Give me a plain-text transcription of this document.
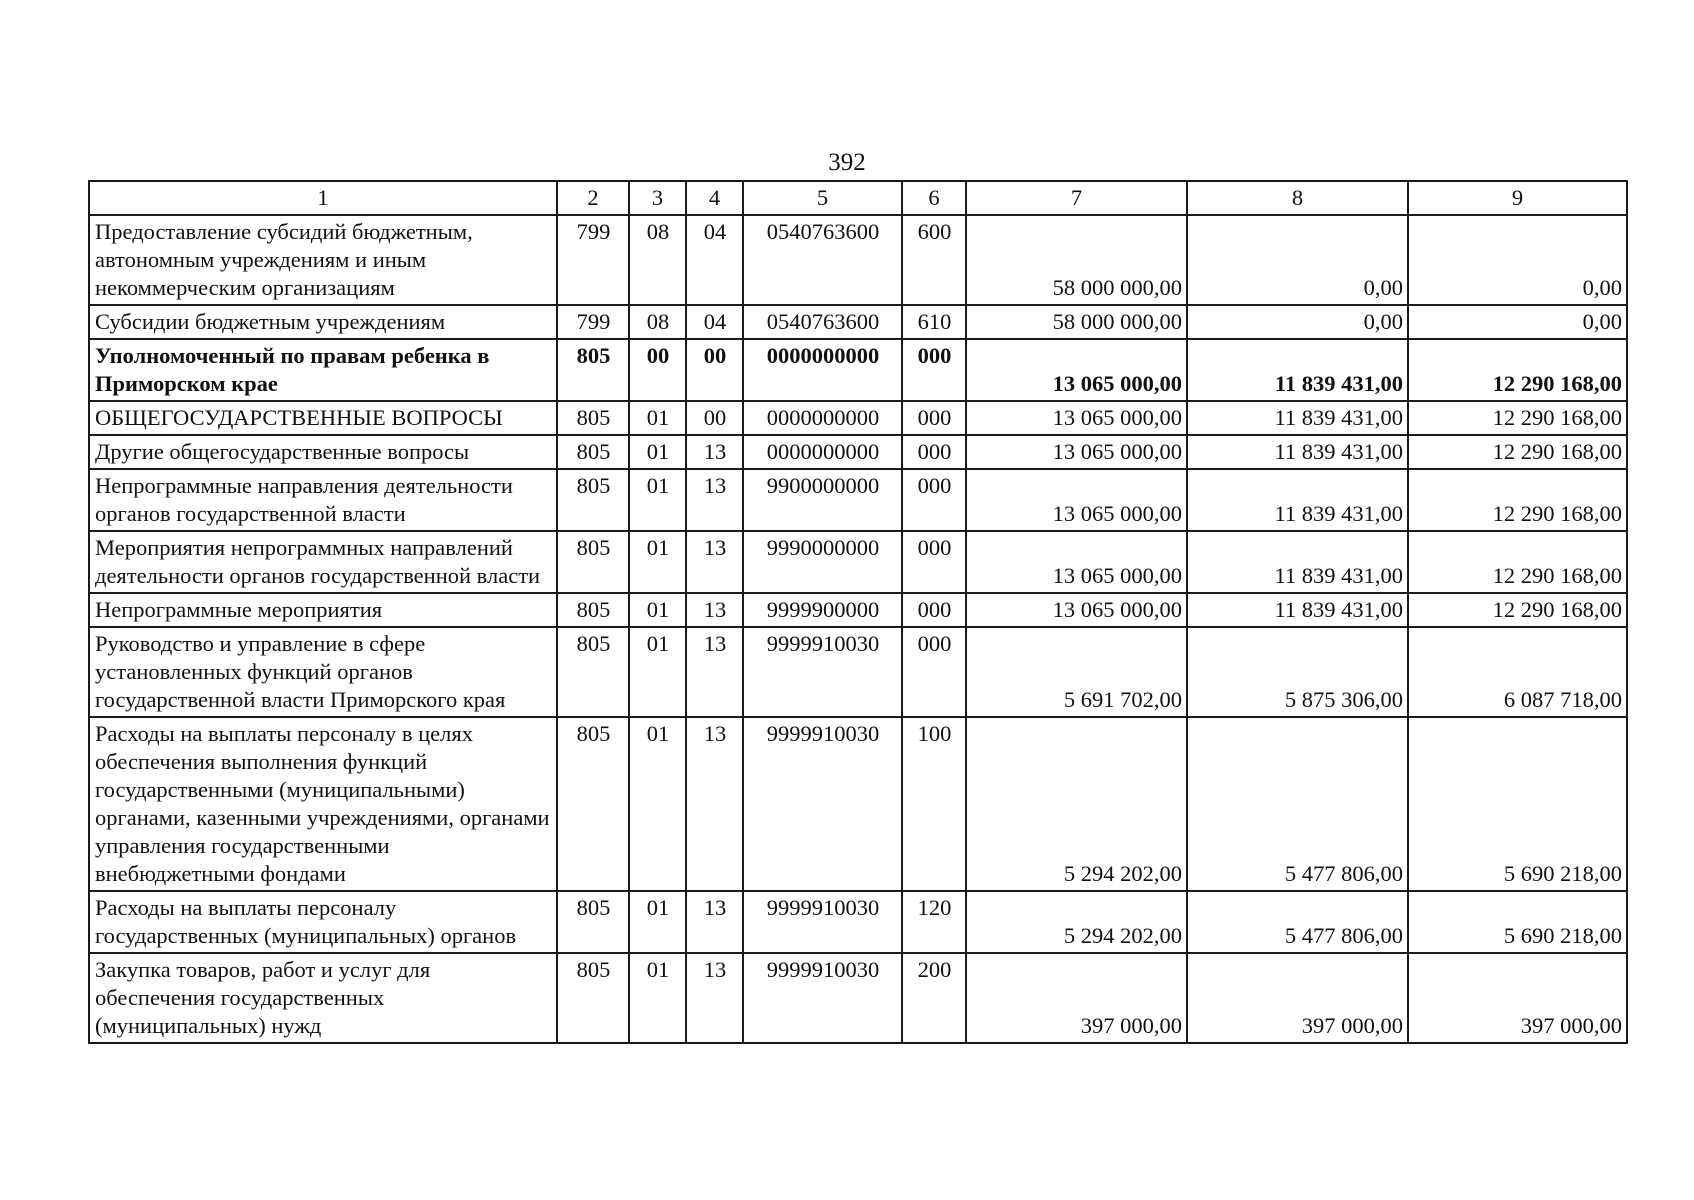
392
1	2	3	4	5	6	7	8	9
Предоставление субсидий бюджетным, автономным учреждениям и иным некоммерческим организациям	799	08	04	0540763600	600	58 000 000,00	0,00	0,00
Субсидии бюджетным учреждениям	799	08	04	0540763600	610	58 000 000,00	0,00	0,00
Уполномоченный по правам ребенка в Приморском крае	805	00	00	0000000000	000	13 065 000,00	11 839 431,00	12 290 168,00
ОБЩЕГОСУДАРСТВЕННЫЕ ВОПРОСЫ	805	01	00	0000000000	000	13 065 000,00	11 839 431,00	12 290 168,00
Другие общегосударственные вопросы	805	01	13	0000000000	000	13 065 000,00	11 839 431,00	12 290 168,00
Непрограммные направления деятельности органов государственной власти	805	01	13	9900000000	000	13 065 000,00	11 839 431,00	12 290 168,00
Мероприятия непрограммных направлений деятельности органов государственной власти	805	01	13	9990000000	000	13 065 000,00	11 839 431,00	12 290 168,00
Непрограммные мероприятия	805	01	13	9999900000	000	13 065 000,00	11 839 431,00	12 290 168,00
Руководство и управление в сфере установленных функций органов государственной власти Приморского края	805	01	13	9999910030	000	5 691 702,00	5 875 306,00	6 087 718,00
Расходы на выплаты персоналу в целях обеспечения выполнения функций государственными (муниципальными) органами, казенными учреждениями, органами управления государственными внебюджетными фондами	805	01	13	9999910030	100	5 294 202,00	5 477 806,00	5 690 218,00
Расходы на выплаты персоналу государственных (муниципальных) органов	805	01	13	9999910030	120	5 294 202,00	5 477 806,00	5 690 218,00
Закупка товаров, работ и услуг для обеспечения государственных (муниципальных) нужд	805	01	13	9999910030	200	397 000,00	397 000,00	397 000,00
